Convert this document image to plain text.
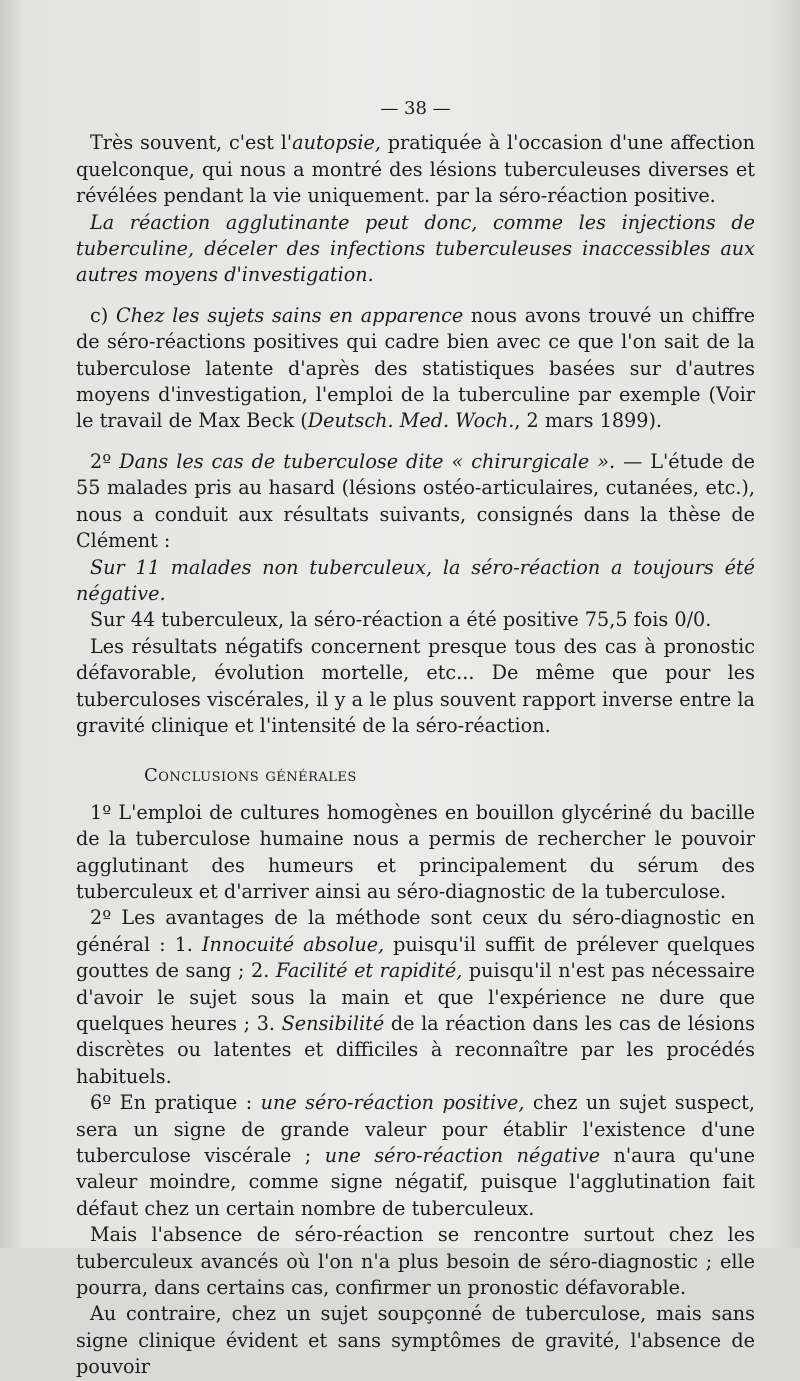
— 38 —

Très souvent, c'est l'autopsie, pratiquée à l'occasion d'une affection quelconque, qui nous a montré des lésions tuberculeuses diverses et révélées pendant la vie uniquement. par la séro-réaction positive.

La réaction agglutinante peut donc, comme les injections de tuberculine, déceler des infections tuberculeuses inaccessibles aux autres moyens d'investigation.

c) Chez les sujets sains en apparence nous avons trouvé un chiffre de séro-réactions positives qui cadre bien avec ce que l'on sait de la tuberculose latente d'après des statistiques basées sur d'autres moyens d'investigation, l'emploi de la tuberculine par exemple (Voir le travail de Max Beck (Deutsch. Med. Woch., 2 mars 1899).

2º Dans les cas de tuberculose dite « chirurgicale ». — L'étude de 55 malades pris au hasard (lésions ostéo-articulaires, cutanées, etc.), nous a conduit aux résultats suivants, consignés dans la thèse de Clément :

Sur 11 malades non tuberculeux, la séro-réaction a toujours été négative.

Sur 44 tuberculeux, la séro-réaction a été positive 75,5 fois 0/0.

Les résultats négatifs concernent presque tous des cas à pronostic défavorable, évolution mortelle, etc... De même que pour les tuberculoses viscérales, il y a le plus souvent rapport inverse entre la gravité clinique et l'intensité de la séro-réaction.

Conclusions générales

1º L'emploi de cultures homogènes en bouillon glycériné du bacille de la tuberculose humaine nous a permis de rechercher le pouvoir agglutinant des humeurs et principalement du sérum des tuberculeux et d'arriver ainsi au séro-diagnostic de la tuberculose.

2º Les avantages de la méthode sont ceux du séro-diagnostic en général : 1. Innocuité absolue, puisqu'il suffit de prélever quelques gouttes de sang ; 2. Facilité et rapidité, puisqu'il n'est pas nécessaire d'avoir le sujet sous la main et que l'expérience ne dure que quelques heures ; 3. Sensibilité de la réaction dans les cas de lésions discrètes ou latentes et difficiles à reconnaître par les procédés habituels.

6º En pratique : une séro-réaction positive, chez un sujet suspect, sera un signe de grande valeur pour établir l'existence d'une tuberculose viscérale ; une séro-réaction négative n'aura qu'une valeur moindre, comme signe négatif, puisque l'agglutination fait défaut chez un certain nombre de tuberculeux.

Mais l'absence de séro-réaction se rencontre surtout chez les tuberculeux avancés où l'on n'a plus besoin de séro-diagnostic ; elle pourra, dans certains cas, confirmer un pronostic défavorable.

Au contraire, chez un sujet soupçonné de tuberculose, mais sans signe clinique évident et sans symptômes de gravité, l'absence de pouvoir
